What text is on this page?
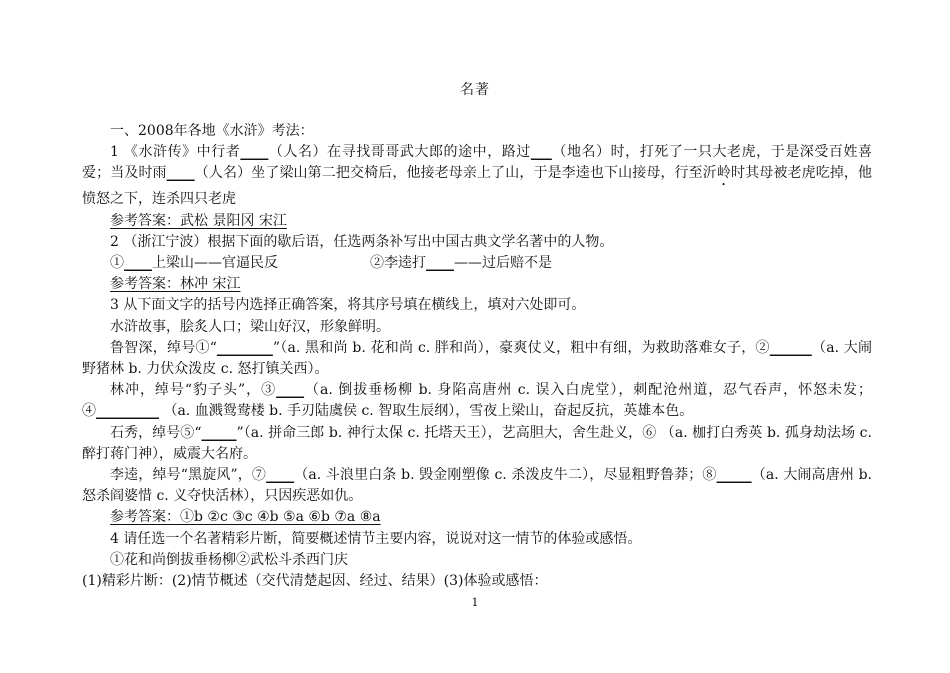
名著

一、2008年各地《水浒》考法：

1 《水浒传》中行者____（人名）在寻找哥哥武大郎的途中，路过___（地名）时，打死了一只大老虎，于是深受百姓喜爱；当及时雨____（人名）坐了梁山第二把交椅后，他接老母亲上了山，于是李逵也下山接母，行至沂岭时其母被老虎吃掉，他愤怒之下，连杀四只老虎

参考答案：武松 景阳冈 宋江

2 （浙江宁波）根据下面的歇后语，任选两条补写出中国古典文学名著中的人物。

①____上梁山——官逼民反	②李逵打____——过后赔不是

参考答案：林冲 宋江

3 从下面文字的括号内选择正确答案，将其序号填在横线上，填对六处即可。

水浒故事，脍炙人口；梁山好汉，形象鲜明。

鲁智深，绰号①“________”（a. 黑和尚 b. 花和尚 c. 胖和尚），豪爽仗义，粗中有细，为救助落难女子，②______（a. 大闹野猪林 b. 力伏众泼皮 c. 怒打镇关西）。

林冲，绰号“豹子头”，③____（a. 倒拔垂杨柳 b. 身陷高唐州 c. 误入白虎堂），刺配沧州道，忍气吞声，怀怒未发；④_________ （a. 血溅鸳鸯楼 b. 手刃陆虞侯 c. 智取生辰纲），雪夜上梁山，奋起反抗，英雄本色。

石秀，绰号⑤“_____”（a. 拼命三郎 b. 神行太保 c. 托塔天王），艺高胆大，舍生赴义，⑥ （a. 枷打白秀英 b. 孤身劫法场 c. 醉打蒋门神），威震大名府。

李逵，绰号“黑旋风”，⑦____（a. 斗浪里白条 b. 毁金刚塑像 c. 杀泼皮牛二），尽显粗野鲁莽；⑧_____（a. 大闹高唐州 b. 怒杀阎婆惜 c. 义夺快活林），只因疾恶如仇。

参考答案：①b ②c ③c ④b ⑤a ⑥b ⑦a ⑧a

4 请任选一个名著精彩片断，简要概述情节主要内容，说说对这一情节的体验或感悟。

①花和尚倒拔垂杨柳②武松斗杀西门庆

(1)精彩片断：(2)情节概述（交代清楚起因、经过、结果）(3)体验或感悟：

1
